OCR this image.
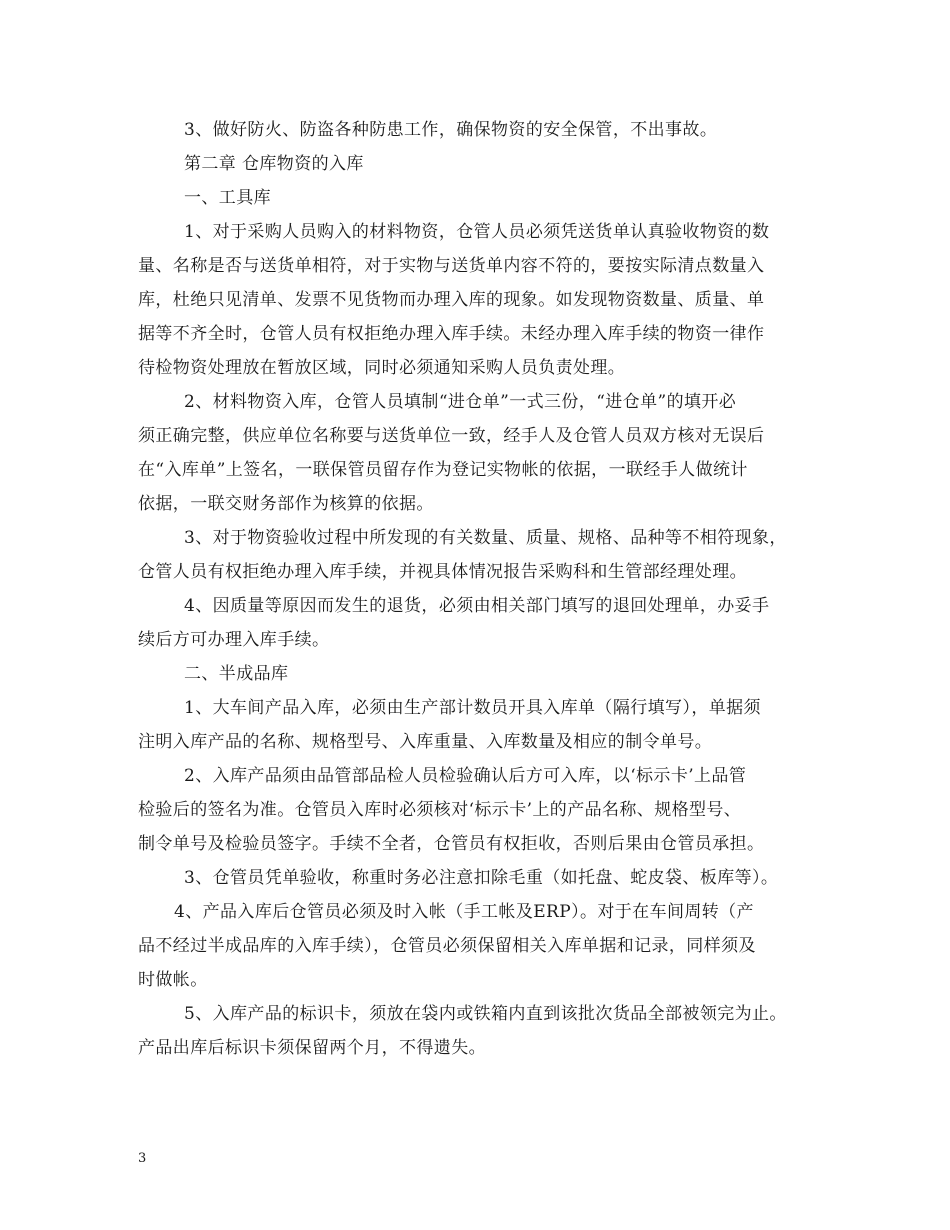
3、做好防火、防盗各种防患工作，确保物资的安全保管，不出事故。
第二章 仓库物资的入库
一、工具库
1、对于采购人员购入的材料物资，仓管人员必须凭送货单认真验收物资的数
量、名称是否与送货单相符，对于实物与送货单内容不符的，要按实际清点数量入
库，杜绝只见清单、发票不见货物而办理入库的现象。如发现物资数量、质量、单
据等不齐全时，仓管人员有权拒绝办理入库手续。未经办理入库手续的物资一律作
待检物资处理放在暂放区域，同时必须通知采购人员负责处理。
2、材料物资入库，仓管人员填制“进仓单”一式三份，“进仓单”的填开必
须正确完整，供应单位名称要与送货单位一致，经手人及仓管人员双方核对无误后
在“入库单”上签名，一联保管员留存作为登记实物帐的依据，一联经手人做统计
依据，一联交财务部作为核算的依据。
3、对于物资验收过程中所发现的有关数量、质量、规格、品种等不相符现象，
仓管人员有权拒绝办理入库手续，并视具体情况报告采购科和生管部经理处理。
4、因质量等原因而发生的退货，必须由相关部门填写的退回处理单，办妥手
续后方可办理入库手续。
二、半成品库
1、大车间产品入库，必须由生产部计数员开具入库单（隔行填写），单据须
注明入库产品的名称、规格型号、入库重量、入库数量及相应的制令单号。
2、入库产品须由品管部品检人员检验确认后方可入库，以‘标示卡’上品管
检验后的签名为准。仓管员入库时必须核对‘标示卡’上的产品名称、规格型号、
制令单号及检验员签字。手续不全者，仓管员有权拒收，否则后果由仓管员承担。
3、仓管员凭单验收，称重时务必注意扣除毛重（如托盘、蛇皮袋、板库等）。
4、产品入库后仓管员必须及时入帐（手工帐及ERP）。对于在车间周转（产
品不经过半成品库的入库手续），仓管员必须保留相关入库单据和记录，同样须及
时做帐。
5、入库产品的标识卡，须放在袋内或铁箱内直到该批次货品全部被领完为止。
产品出库后标识卡须保留两个月，不得遗失。
3
